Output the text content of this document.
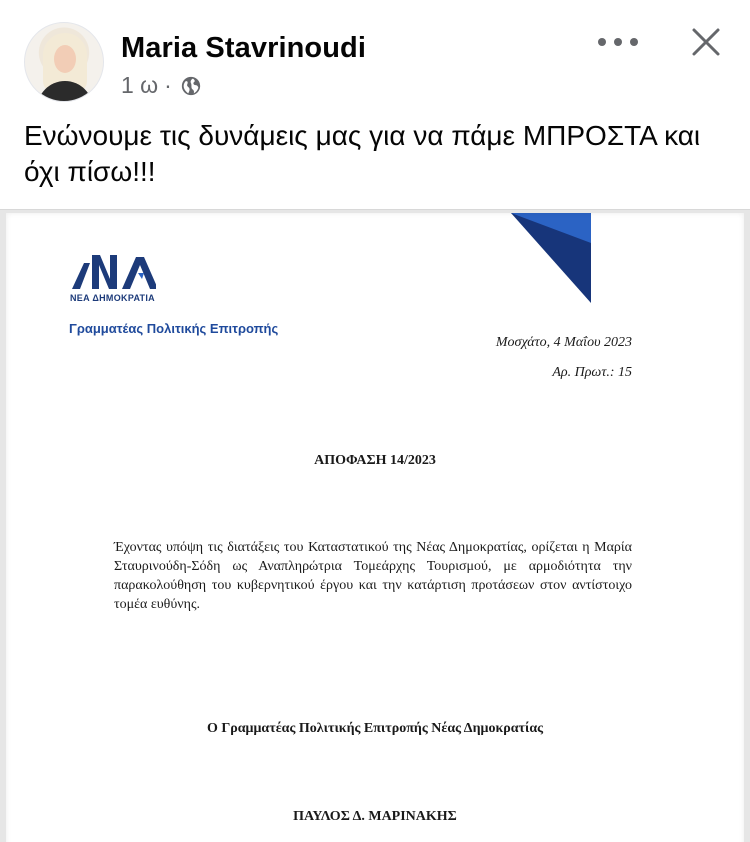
Maria Stavrinoudi
1 ω ·
Ενώνουμε τις δυνάμεις μας για να πάμε ΜΠΡΟΣΤΑ και όχι πίσω!!!
ΝΕΑ ΔΗΜΟΚΡΑΤΙΑ
Γραμματέας Πολιτικής Επιτροπής
Μοσχάτο, 4 Μαΐου 2023
Αρ. Πρωτ.: 15
ΑΠΟΦΑΣΗ 14/2023
Έχοντας υπόψη τις διατάξεις του Καταστατικού της Νέας Δημοκρατίας, ορίζεται η Μαρία Σταυρινούδη-Σόδη ως Αναπληρώτρια Τομεάρχης Τουρισμού, με αρμοδιότητα την παρακολούθηση του κυβερνητικού έργου και την κατάρτιση προτάσεων στον αντίστοιχο τομέα ευθύνης.
Ο Γραμματέας Πολιτικής Επιτροπής Νέας Δημοκρατίας
ΠΑΥΛΟΣ Δ. ΜΑΡΙΝΑΚΗΣ
